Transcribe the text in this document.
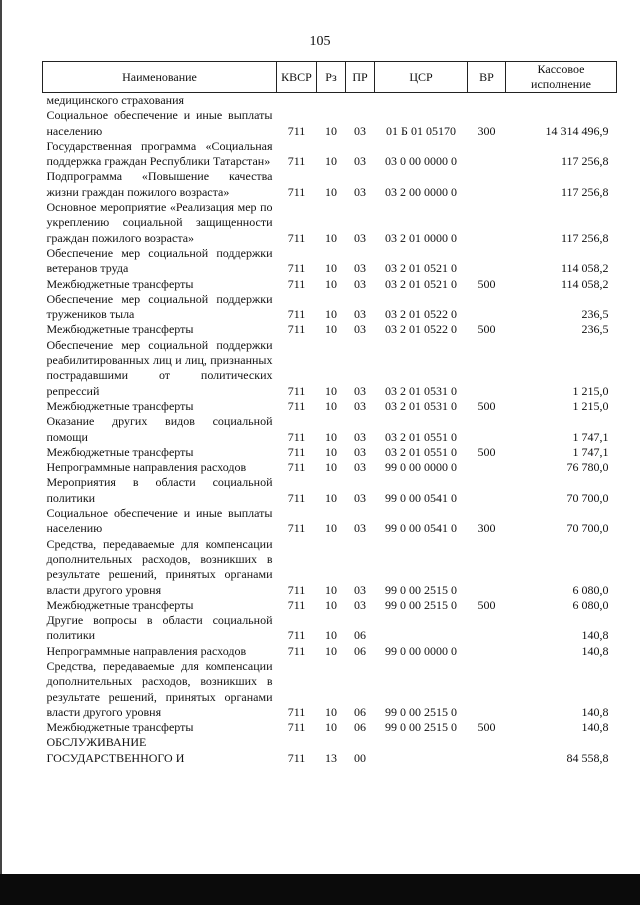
105
Наименование	КВСР	Рз	ПР	ЦСР	ВР	Кассовое исполнение
медицинского страхования						
Социальное обеспечение и иные выплаты населению	711	10	03	01 Б 01 05170	300	14 314 496,9
Государственная программа «Социальная поддержка граждан Республики Татарстан»	711	10	03	03 0 00 0000 0		117 256,8
Подпрограмма «Повышение качества жизни граждан пожилого возраста»	711	10	03	03 2 00 0000 0		117 256,8
Основное мероприятие «Реализация мер по укреплению социальной защищенности граждан пожилого возраста»	711	10	03	03 2 01 0000 0		117 256,8
Обеспечение мер социальной поддержки ветеранов труда	711	10	03	03 2 01 0521 0		114 058,2
Межбюджетные трансферты	711	10	03	03 2 01 0521 0	500	114 058,2
Обеспечение мер социальной поддержки тружеников тыла	711	10	03	03 2 01 0522 0		236,5
Межбюджетные трансферты	711	10	03	03 2 01 0522 0	500	236,5
Обеспечение мер социальной поддержки реабилитированных лиц и лиц, признанных пострадавшими от политических репрессий	711	10	03	03 2 01 0531 0		1 215,0
Межбюджетные трансферты	711	10	03	03 2 01 0531 0	500	1 215,0
Оказание других видов социальной помощи	711	10	03	03 2 01 0551 0		1 747,1
Межбюджетные трансферты	711	10	03	03 2 01 0551 0	500	1 747,1
Непрограммные направления расходов	711	10	03	99 0 00 0000 0		76 780,0
Мероприятия в области социальной политики	711	10	03	99 0 00 0541 0		70 700,0
Социальное обеспечение и иные выплаты населению	711	10	03	99 0 00 0541 0	300	70 700,0
Средства, передаваемые для компенсации дополнительных расходов, возникших в результате решений, принятых органами власти другого уровня	711	10	03	99 0 00 2515 0		6 080,0
Межбюджетные трансферты	711	10	03	99 0 00 2515 0	500	6 080,0
Другие вопросы в области социальной политики	711	10	06			140,8
Непрограммные направления расходов	711	10	06	99 0 00 0000 0		140,8
Средства, передаваемые для компенсации дополнительных расходов, возникших в результате решений, принятых органами власти другого уровня	711	10	06	99 0 00 2515 0		140,8
Межбюджетные трансферты	711	10	06	99 0 00 2515 0	500	140,8
ОБСЛУЖИВАНИЕ ГОСУДАРСТВЕННОГО И	711	13	00			84 558,8
